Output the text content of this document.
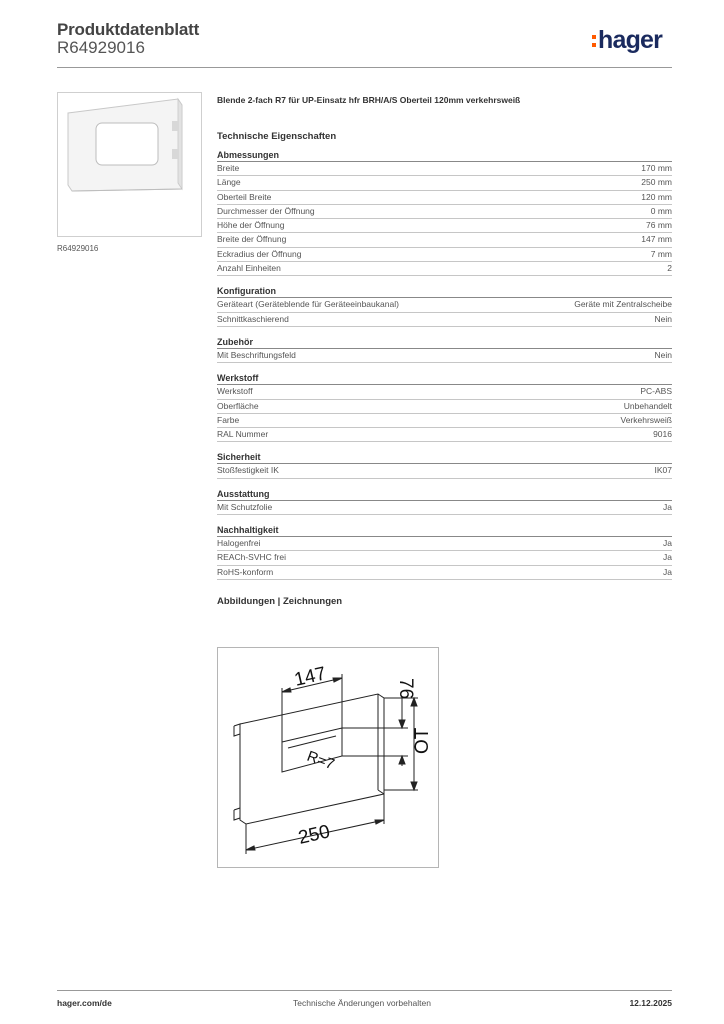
Produktdatenblatt
R64929016	hager
R64929016
Blende 2-fach R7 für UP-Einsatz hfr BRH/A/S Oberteil 120mm verkehrsweiß
Technische Eigenschaften
Abmessungen
Breite	170 mm
Länge	250 mm
Oberteil Breite	120 mm
Durchmesser der Öffnung	0 mm
Höhe der Öffnung	76 mm
Breite der Öffnung	147 mm
Eckradius der Öffnung	7 mm
Anzahl Einheiten	2
Konfiguration
Geräteart (Geräteblende für Geräteeinbaukanal)	Geräte mit Zentralscheibe
Schnittkaschierend	Nein
Zubehör
Mit Beschriftungsfeld	Nein
Werkstoff
Werkstoff	PC-ABS
Oberfläche	Unbehandelt
Farbe	Verkehrsweiß
RAL Nummer	9016
Sicherheit
Stoßfestigkeit IK	IK07
Ausstattung
Mit Schutzfolie	Ja
Nachhaltigkeit
Halogenfrei	Ja
REACh-SVHC frei	Ja
RoHS-konform	Ja
Abbildungen | Zeichnungen
147	76
OT
250
R=7
hager.com/de	Technische Änderungen vorbehalten	12.12.2025
